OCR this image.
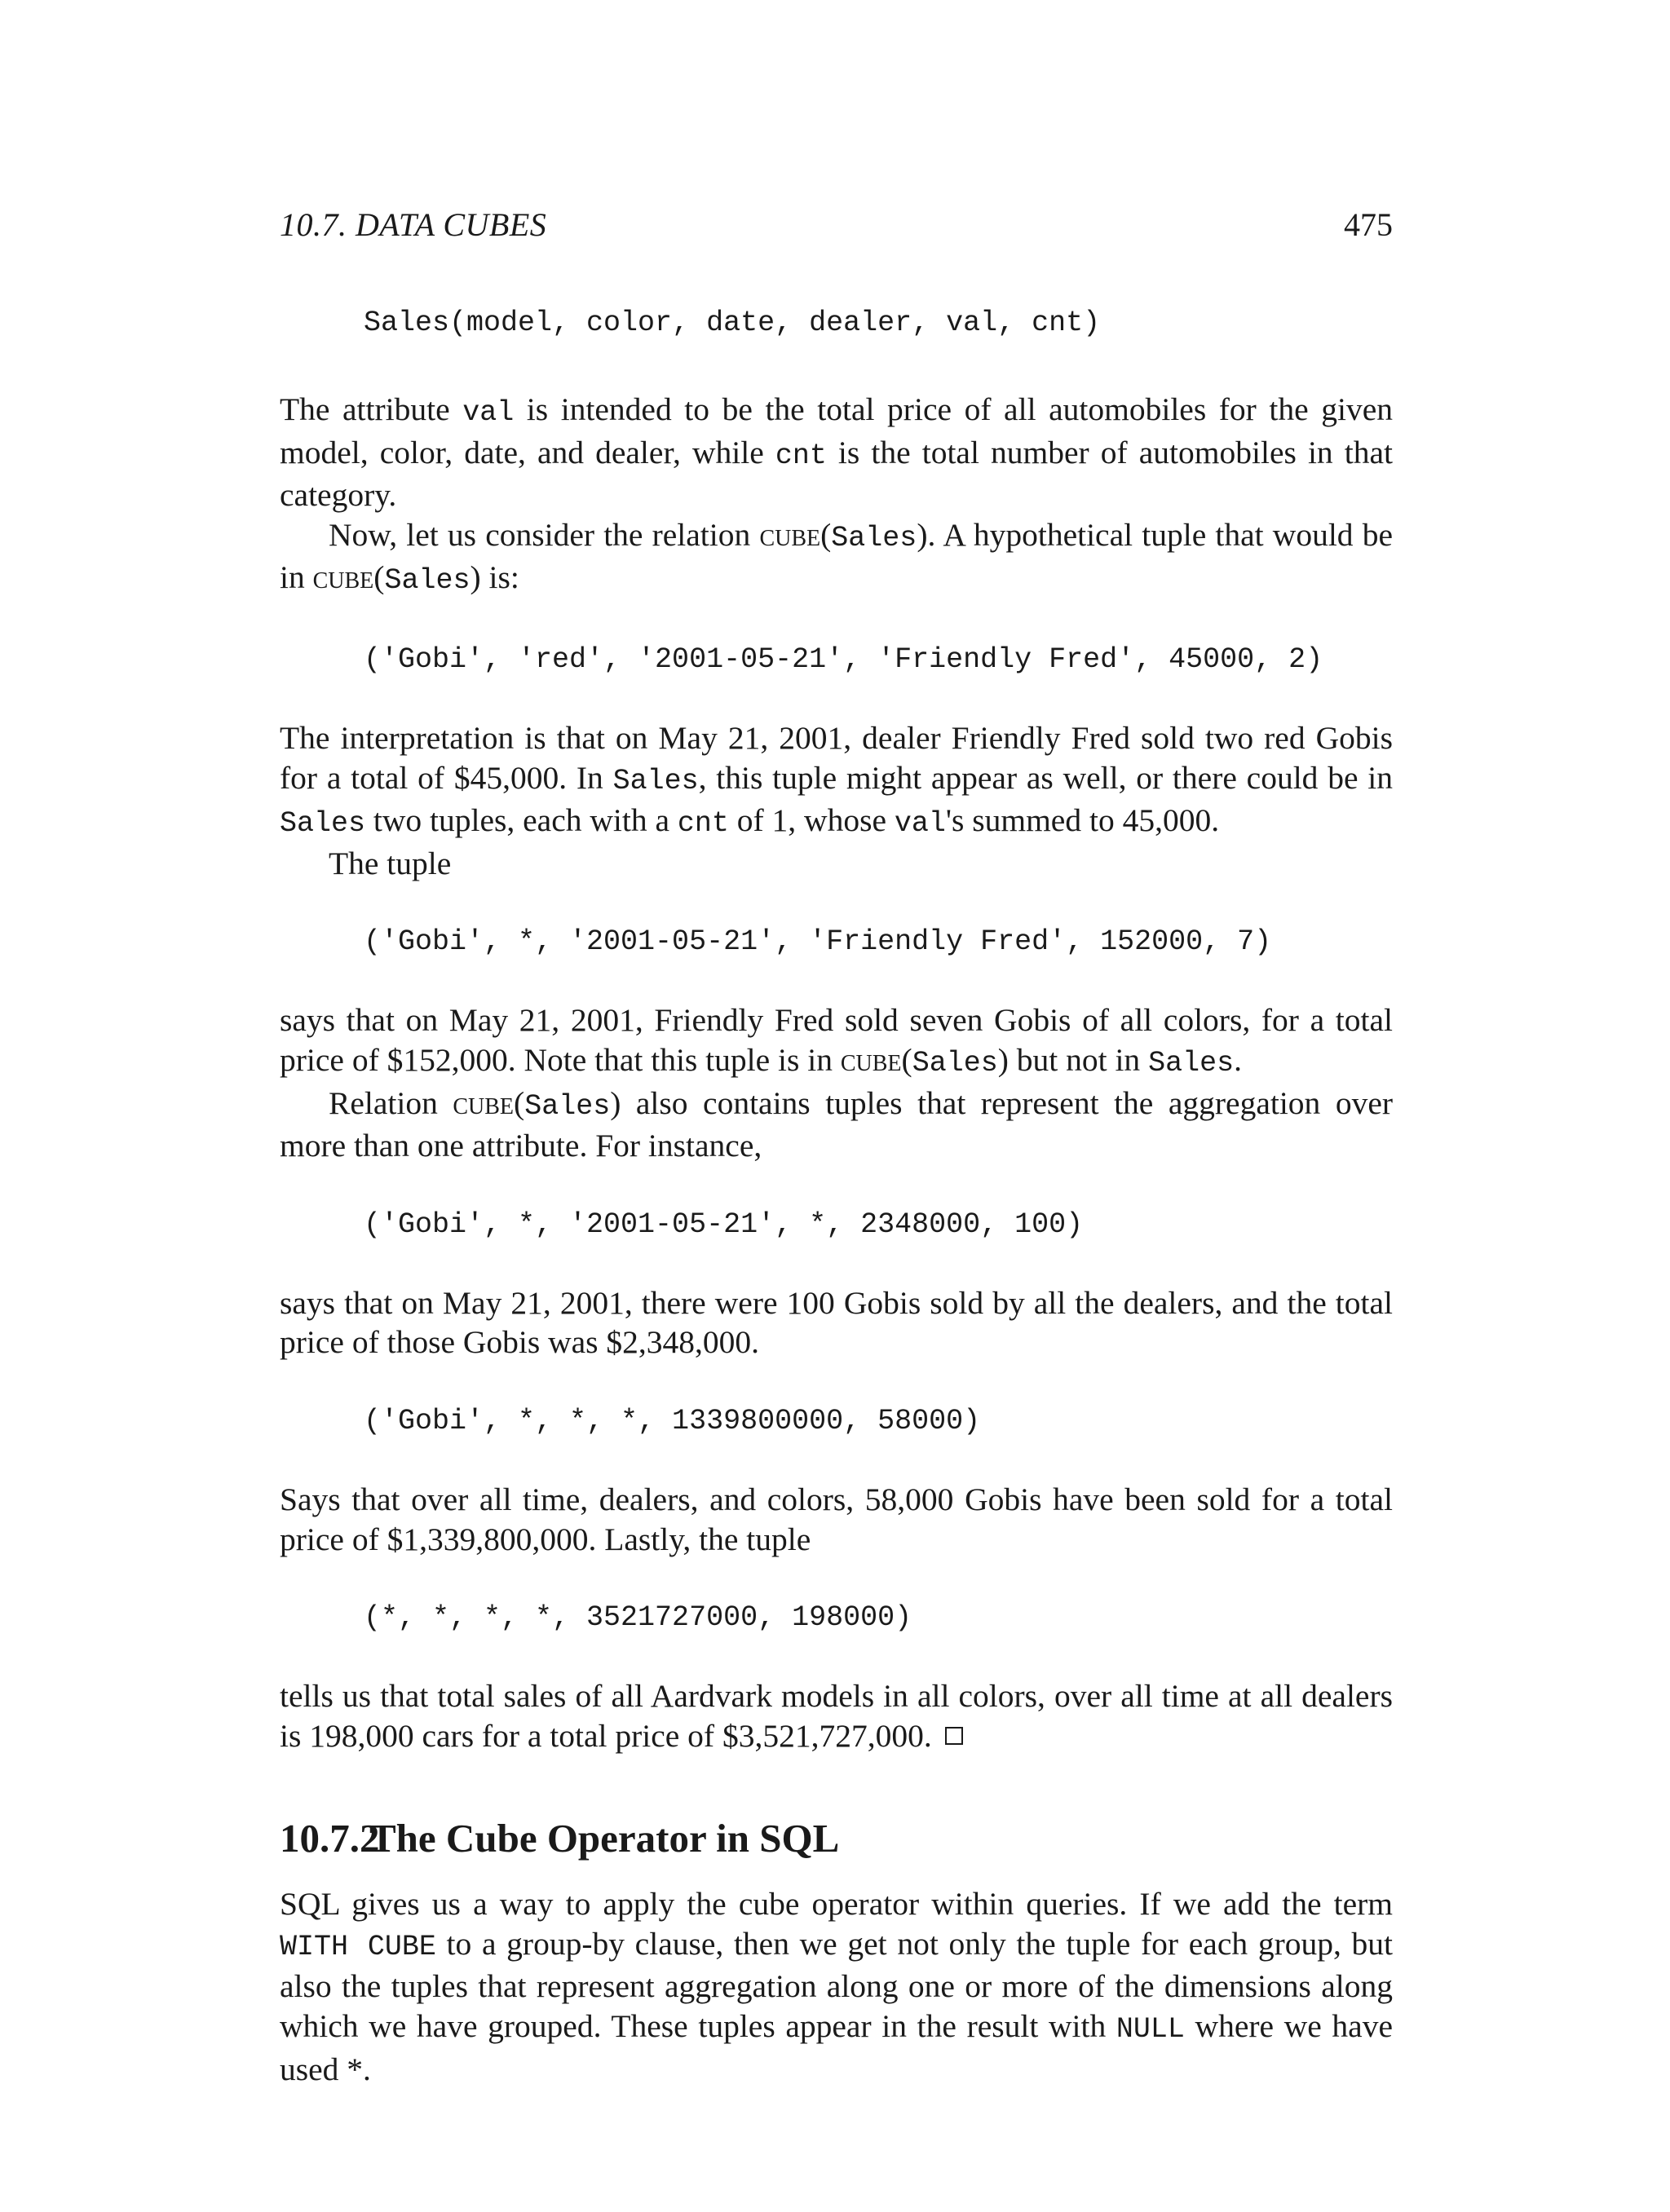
10.7. DATA CUBES	475
Sales(model, color, date, dealer, val, cnt)

The attribute val is intended to be the total price of all automobiles for the given model, color, date, and dealer, while cnt is the total number of automobiles in that category.

Now, let us consider the relation cube(Sales). A hypothetical tuple that would be in cube(Sales) is:

('Gobi', 'red', '2001-05-21', 'Friendly Fred', 45000, 2)

The interpretation is that on May 21, 2001, dealer Friendly Fred sold two red Gobis for a total of $45,000. In Sales, this tuple might appear as well, or there could be in Sales two tuples, each with a cnt of 1, whose val's summed to 45,000.

The tuple

('Gobi', *, '2001-05-21', 'Friendly Fred', 152000, 7)

says that on May 21, 2001, Friendly Fred sold seven Gobis of all colors, for a total price of $152,000. Note that this tuple is in cube(Sales) but not in Sales.

Relation cube(Sales) also contains tuples that represent the aggregation over more than one attribute. For instance,

('Gobi', *, '2001-05-21', *, 2348000, 100)

says that on May 21, 2001, there were 100 Gobis sold by all the dealers, and the total price of those Gobis was $2,348,000.

('Gobi', *, *, *, 1339800000, 58000)

Says that over all time, dealers, and colors, 58,000 Gobis have been sold for a total price of $1,339,800,000. Lastly, the tuple

(*, *, *, *, 3521727000, 198000)

tells us that total sales of all Aardvark models in all colors, over all time at all dealers is 198,000 cars for a total price of $3,521,727,000.

10.7.2The Cube Operator in SQL

SQL gives us a way to apply the cube operator within queries. If we add the term WITH CUBE to a group-by clause, then we get not only the tuple for each group, but also the tuples that represent aggregation along one or more of the dimensions along which we have grouped. These tuples appear in the result with NULL where we have used *.
